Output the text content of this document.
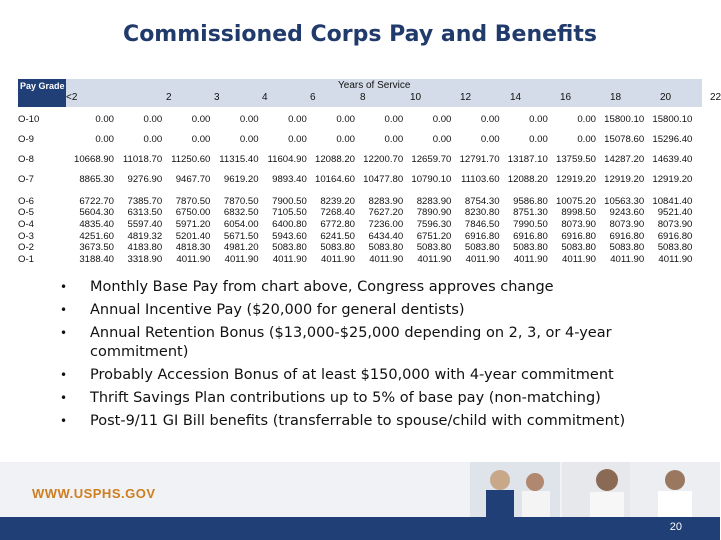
Commissioned Corps Pay and Benefits
Pay Grade	Years of Service
<2	2	3	4	6	8	10	12	14	16	18	20	22
O-10	0.00	0.00	0.00	0.00	0.00	0.00	0.00	0.00	0.00	0.00	0.00 15800.10 15800.10
O-9	0.00	0.00	0.00	0.00	0.00	0.00	0.00	0.00	0.00	0.00	0.00 15078.60 15296.40
O-8	10668.90 11018.70 11250.60 11315.40 11604.90 12088.20 12200.70 12659.70 12791.70 13187.10 13759.50 14287.20 14639.40
O-7	8865.30	9276.90	9467.70	9619.20	9893.40 10164.60 10477.80 10790.10	11103.60 12088.20 12919.20 12919.20 12919.20
O-6	6722.70	7385.70	7870.50	7870.50	7900.50	8239.20	8283.90	8283.90	8754.30	9586.80 10075.20 10563.30 10841.40
O-5	5604.30	6313.50	6750.00	6832.50	7105.50	7268.40	7627.20	7890.90	8230.80	8751.30	8998.50	9243.60	9521.40
O-4	4835.40	5597.40	5971.20	6054.00	6400.80	6772.80	7236.00	7596.30	7846.50	7990.50	8073.90	8073.90	8073.90
O-3	4251.60	4819.32	5201.40	5671.50	5943.60	6241.50	6434.40	6751.20	6916.80	6916.80	6916.80	6916.80	6916.80
O-2	3673.50	4183.80	4818.30	4981.20	5083.80	5083.80	5083.80	5083.80	5083.80	5083.80	5083.80	5083.80	5083.80
O-1	3188.40	3318.90	4011.90	4011.90	4011.90	4011.90	4011.90	4011.90	4011.90	4011.90	4011.90	4011.90	4011.90
• Monthly Base Pay from chart above, Congress approves change
• Annual Incentive Pay ($20,000 for general dentists)
• Annual Retention Bonus ($13,000-$25,000 depending on 2, 3, or 4-year commitment)
• Probably Accession Bonus of at least $150,000 with 4-year commitment
• Thrift Savings Plan contributions up to 5% of base pay (non-matching)
• Post-9/11 GI Bill benefits (transferrable to spouse/child with commitment)
WWW.USPHS.GOV
20
